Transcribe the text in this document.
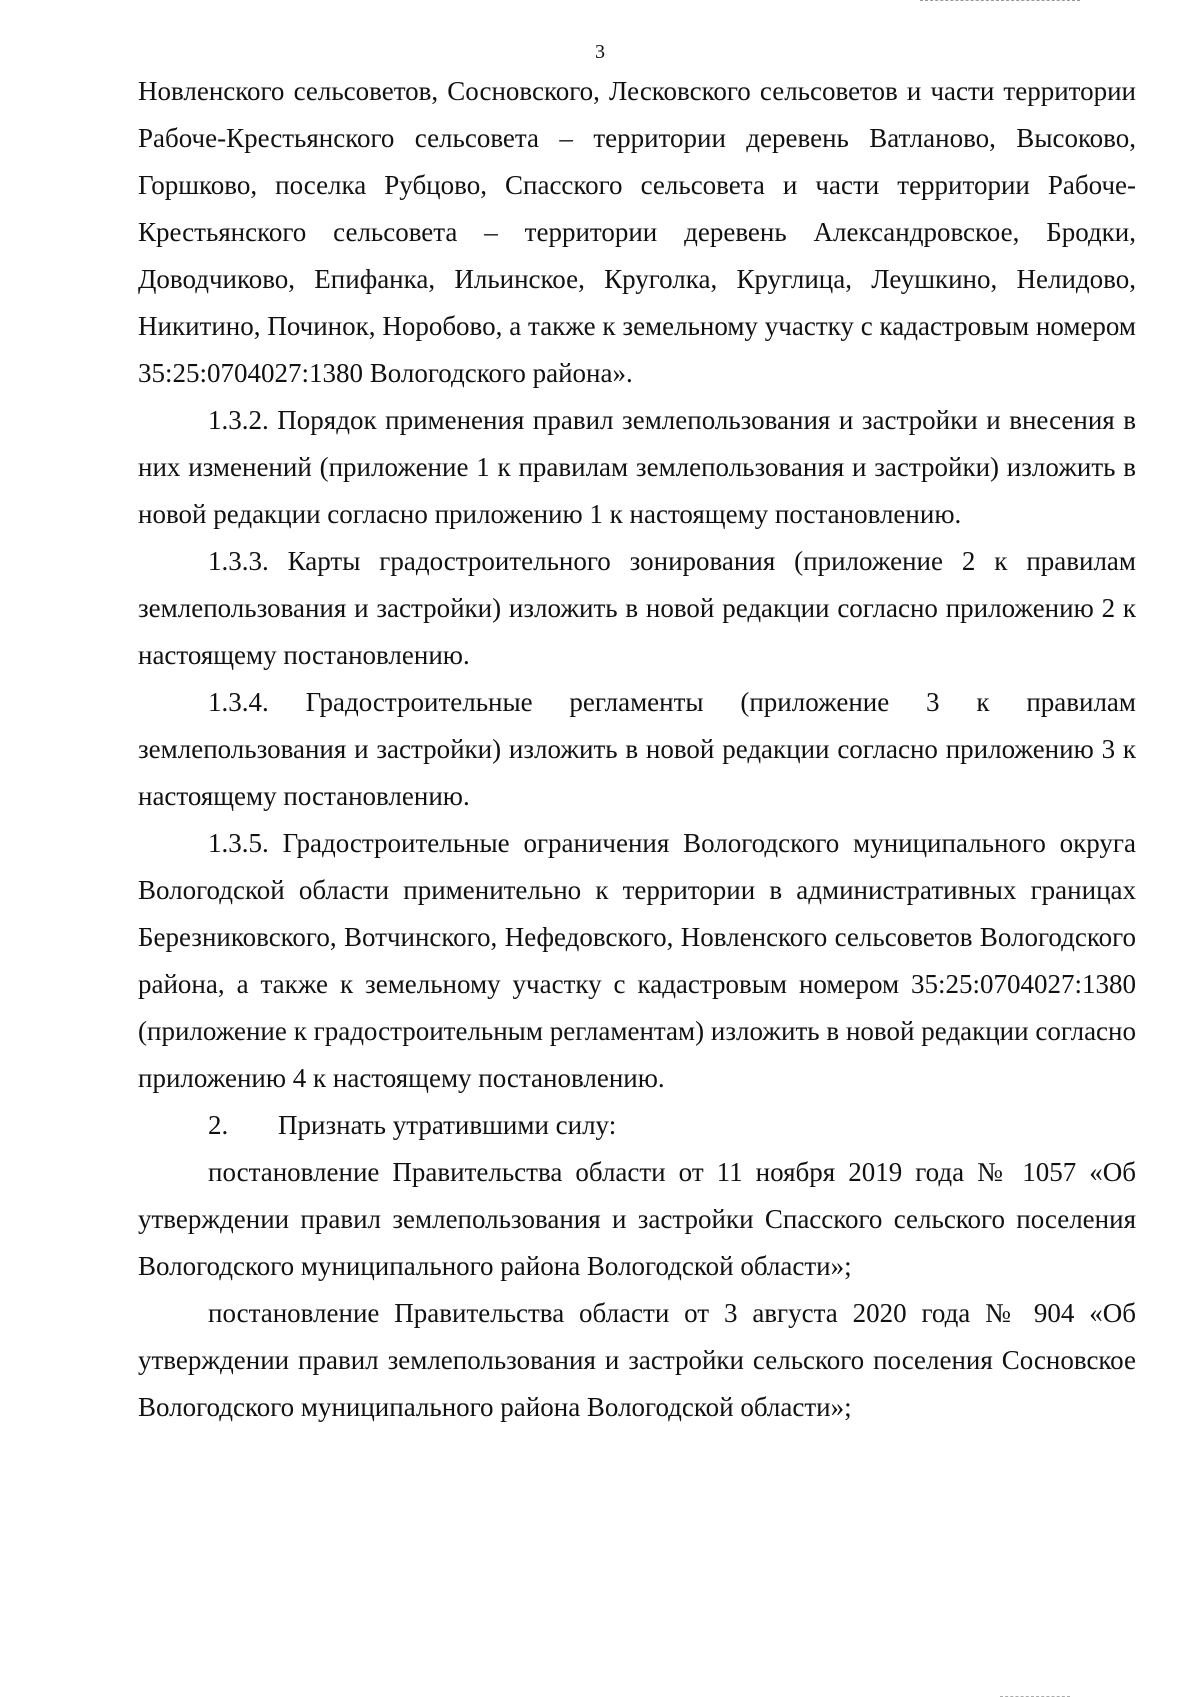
3

Новленского сельсоветов, Сосновского, Лесковского сельсоветов и части территории Рабоче-Крестьянского сельсовета – территории деревень Ватланово, Высоково, Горшково, поселка Рубцово, Спасского сельсовета и части территории Рабоче-Крестьянского сельсовета – территории деревень Александровское, Бродки, Доводчиково, Епифанка, Ильинское, Круголка, Круглица, Леушкино, Нелидово, Никитино, Починок, Норобово, а также к земельному участку с кадастровым номером 35:25:0704027:1380 Вологодского района».

1.3.2. Порядок применения правил землепользования и застройки и внесения в них изменений (приложение 1 к правилам землепользования и застройки) изложить в новой редакции согласно приложению 1 к настоящему постановлению.

1.3.3. Карты градостроительного зонирования (приложение 2 к правилам землепользования и застройки) изложить в новой редакции согласно приложению 2 к настоящему постановлению.

1.3.4. Градостроительные регламенты (приложение 3 к правилам землепользования и застройки) изложить в новой редакции согласно приложению 3 к настоящему постановлению.

1.3.5. Градостроительные ограничения Вологодского муниципального округа Вологодской области применительно к территории в административных границах Березниковского, Вотчинского, Нефедовского, Новленского сельсоветов Вологодского района, а также к земельному участку с кадастровым номером 35:25:0704027:1380 (приложение к градостроительным регламентам) изложить в новой редакции согласно приложению 4 к настоящему постановлению.

2. Признать утратившими силу:

постановление Правительства области от 11 ноября 2019 года № 1057 «Об утверждении правил землепользования и застройки Спасского сельского поселения Вологодского муниципального района Вологодской области»;

постановление Правительства области от 3 августа 2020 года № 904 «Об утверждении правил землепользования и застройки сельского поселения Сосновское Вологодского муниципального района Вологодской области»;
